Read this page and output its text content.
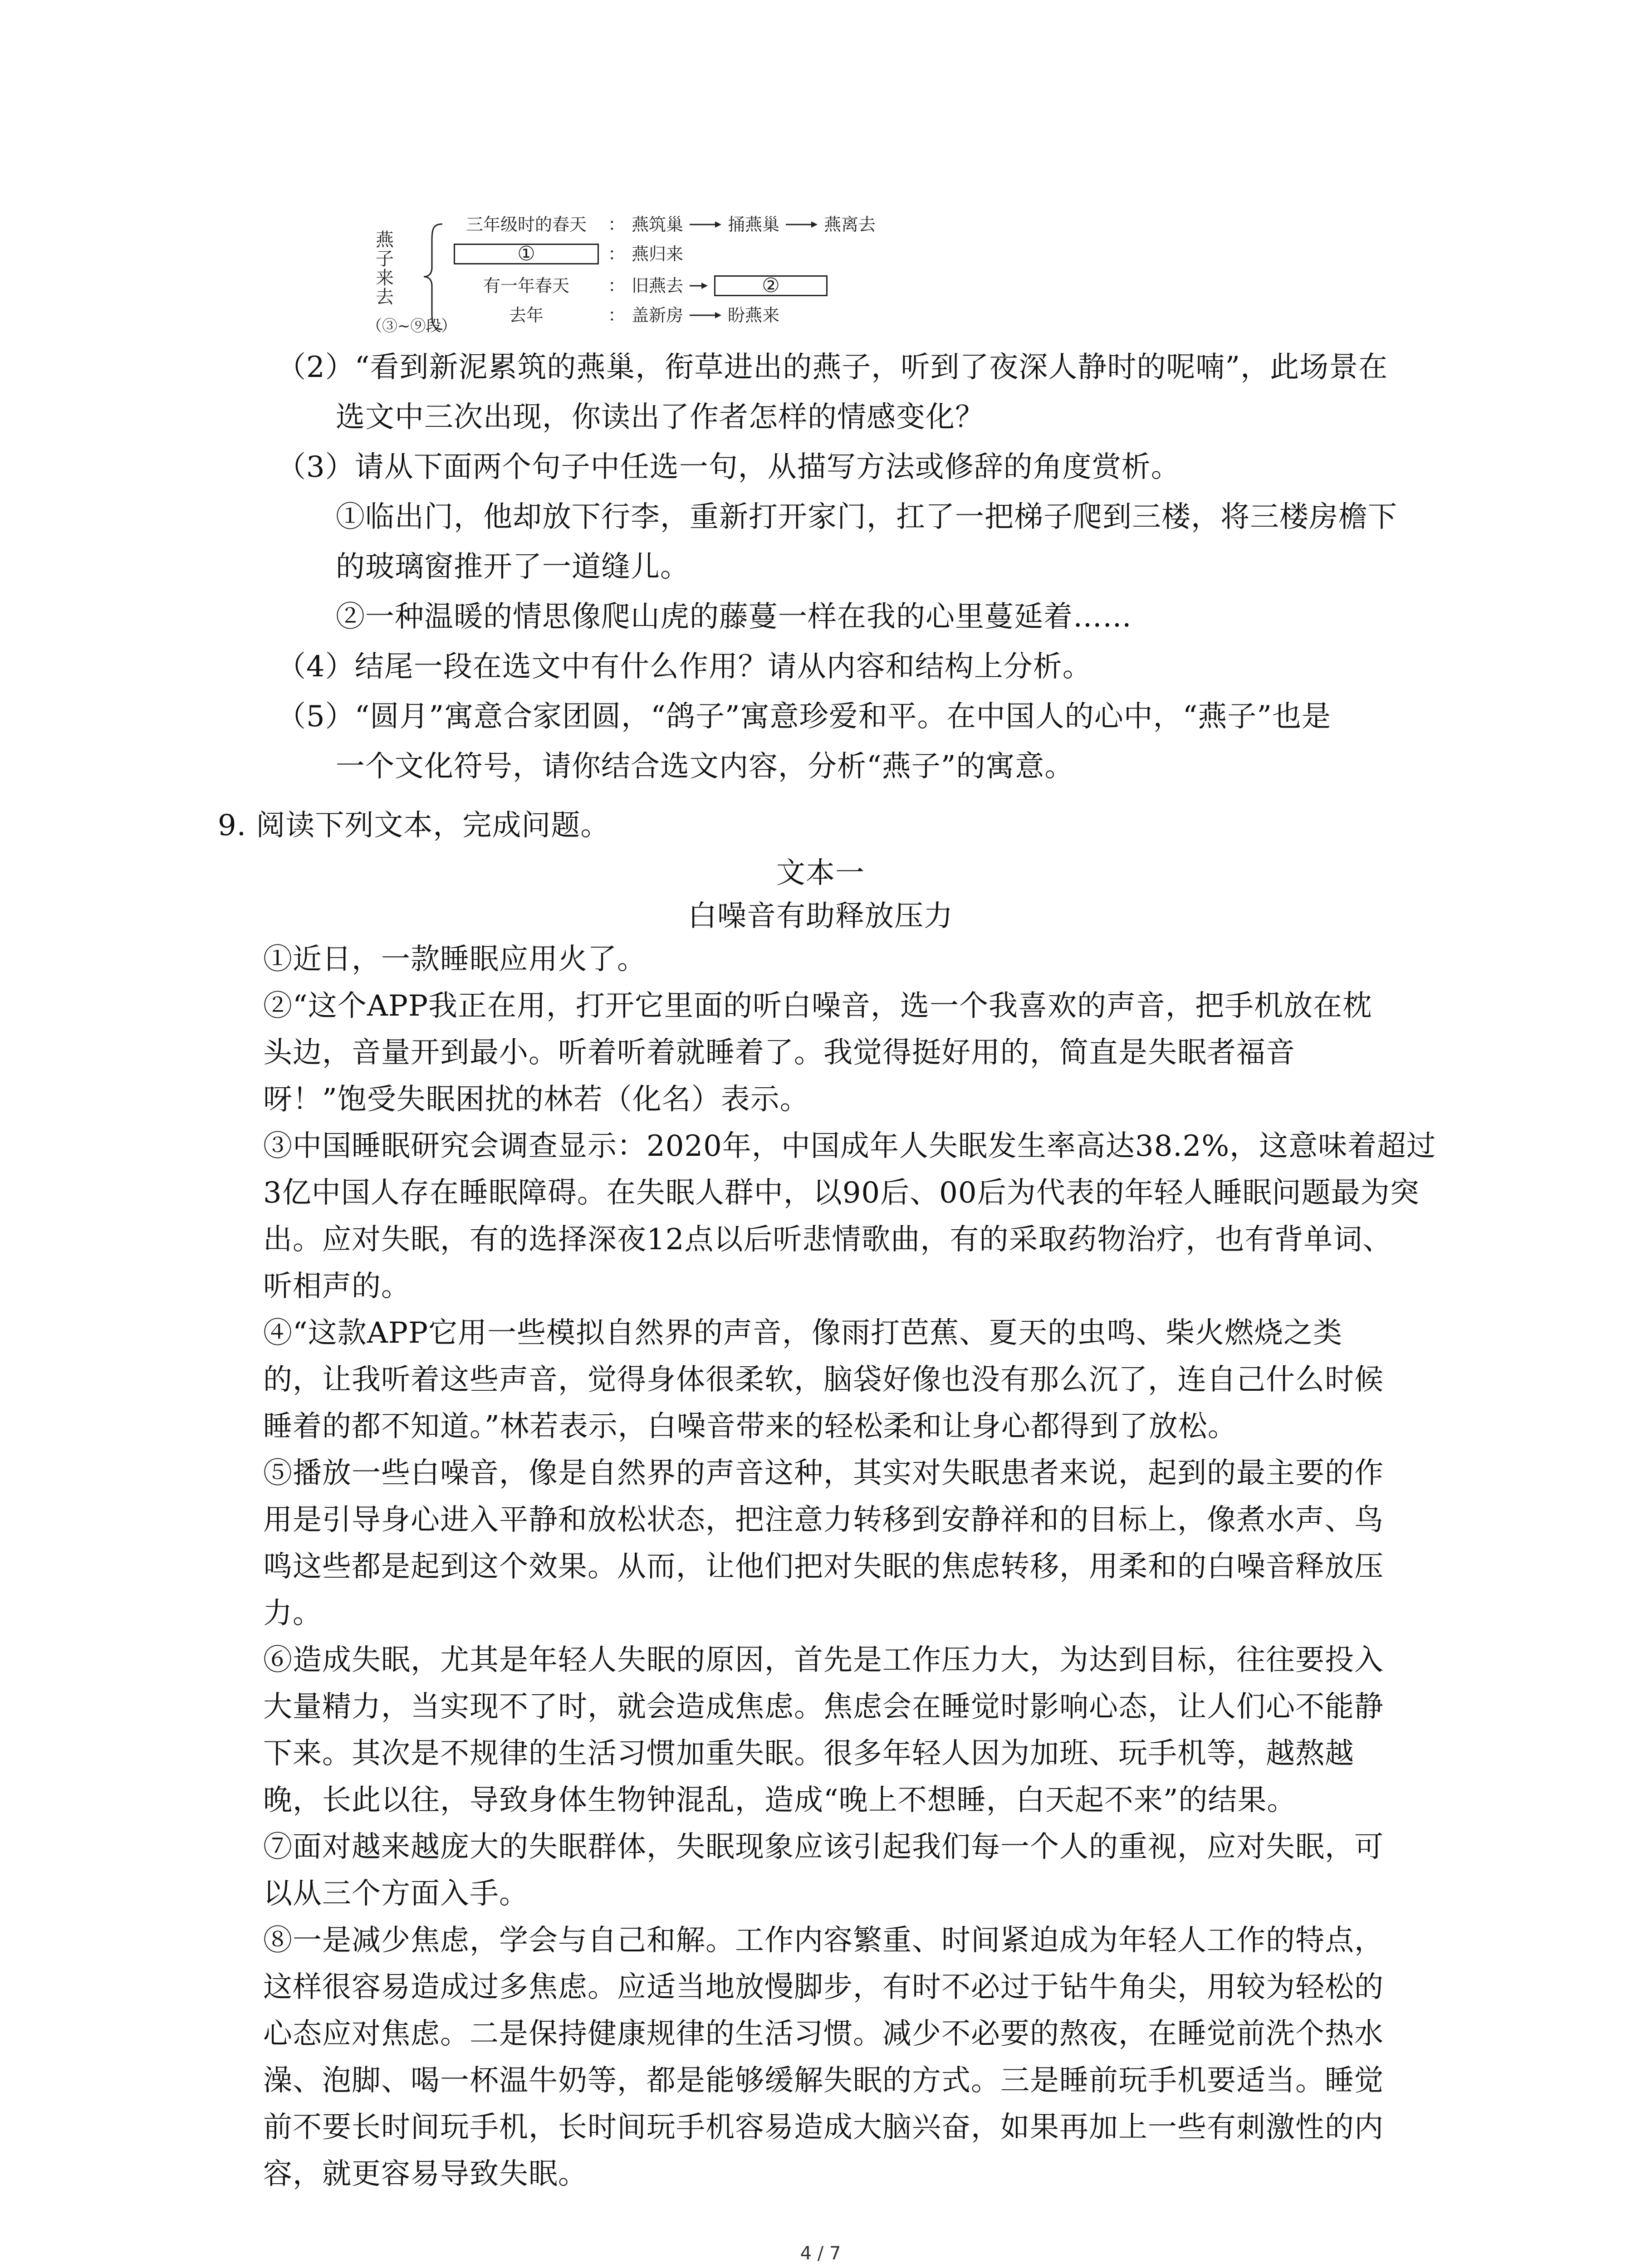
燕
子
来
去
（③~⑨段）
三年级时的春天	： 燕筑巢	捅燕巢	燕离去
①	： 燕归来
有一年春天	： 旧燕去	②
去年	： 盖新房	盼燕来
（2）“看到新泥累筑的燕巢，衔草进出的燕子，听到了夜深人静时的呢喃”，此场景在
选文中三次出现，你读出了作者怎样的情感变化？
（3）请从下面两个句子中任选一句，从描写方法或修辞的角度赏析。
①临出门，他却放下行李，重新打开家门，扛了一把梯子爬到三楼，将三楼房檐下
的玻璃窗推开了一道缝儿。
②一种温暖的情思像爬山虎的藤蔓一样在我的心里蔓延着……
（4）结尾一段在选文中有什么作用？请从内容和结构上分析。
（5）“圆月”寓意合家团圆，“鸽子”寓意珍爱和平。在中国人的心中，“燕子”也是
一个文化符号，请你结合选文内容，分析“燕子”的寓意。
9. 阅读下列文本，完成问题。
文本一
白噪音有助释放压力
①近日，一款睡眠应用火了。
②“这个APP我正在用，打开它里面的听白噪音，选一个我喜欢的声音，把手机放在枕
头边，音量开到最小。听着听着就睡着了。我觉得挺好用的，简直是失眠者福音
呀！”饱受失眠困扰的林若（化名）表示。
③中国睡眠研究会调查显示：2020年，中国成年人失眠发生率高达38.2%，这意味着超过
3亿中国人存在睡眠障碍。在失眠人群中，以90后、00后为代表的年轻人睡眠问题最为突
出。应对失眠，有的选择深夜12点以后听悲情歌曲，有的采取药物治疗，也有背单词、
听相声的。
④“这款APP它用一些模拟自然界的声音，像雨打芭蕉、夏天的虫鸣、柴火燃烧之类
的，让我听着这些声音，觉得身体很柔软，脑袋好像也没有那么沉了，连自己什么时候
睡着的都不知道。”林若表示，白噪音带来的轻松柔和让身心都得到了放松。
⑤播放一些白噪音，像是自然界的声音这种，其实对失眠患者来说，起到的最主要的作
用是引导身心进入平静和放松状态，把注意力转移到安静祥和的目标上，像煮水声、鸟
鸣这些都是起到这个效果。从而，让他们把对失眠的焦虑转移，用柔和的白噪音释放压
力。
⑥造成失眠，尤其是年轻人失眠的原因，首先是工作压力大，为达到目标，往往要投入
大量精力，当实现不了时，就会造成焦虑。焦虑会在睡觉时影响心态，让人们心不能静
下来。其次是不规律的生活习惯加重失眠。很多年轻人因为加班、玩手机等，越熬越
晚，长此以往，导致身体生物钟混乱，造成“晚上不想睡，白天起不来”的结果。
⑦面对越来越庞大的失眠群体，失眠现象应该引起我们每一个人的重视，应对失眠，可
以从三个方面入手。
⑧一是减少焦虑，学会与自己和解。工作内容繁重、时间紧迫成为年轻人工作的特点，
这样很容易造成过多焦虑。应适当地放慢脚步，有时不必过于钻牛角尖，用较为轻松的
心态应对焦虑。二是保持健康规律的生活习惯。减少不必要的熬夜，在睡觉前洗个热水
澡、泡脚、喝一杯温牛奶等，都是能够缓解失眠的方式。三是睡前玩手机要适当。睡觉
前不要长时间玩手机，长时间玩手机容易造成大脑兴奋，如果再加上一些有刺激性的内
容，就更容易导致失眠。
4 / 7
